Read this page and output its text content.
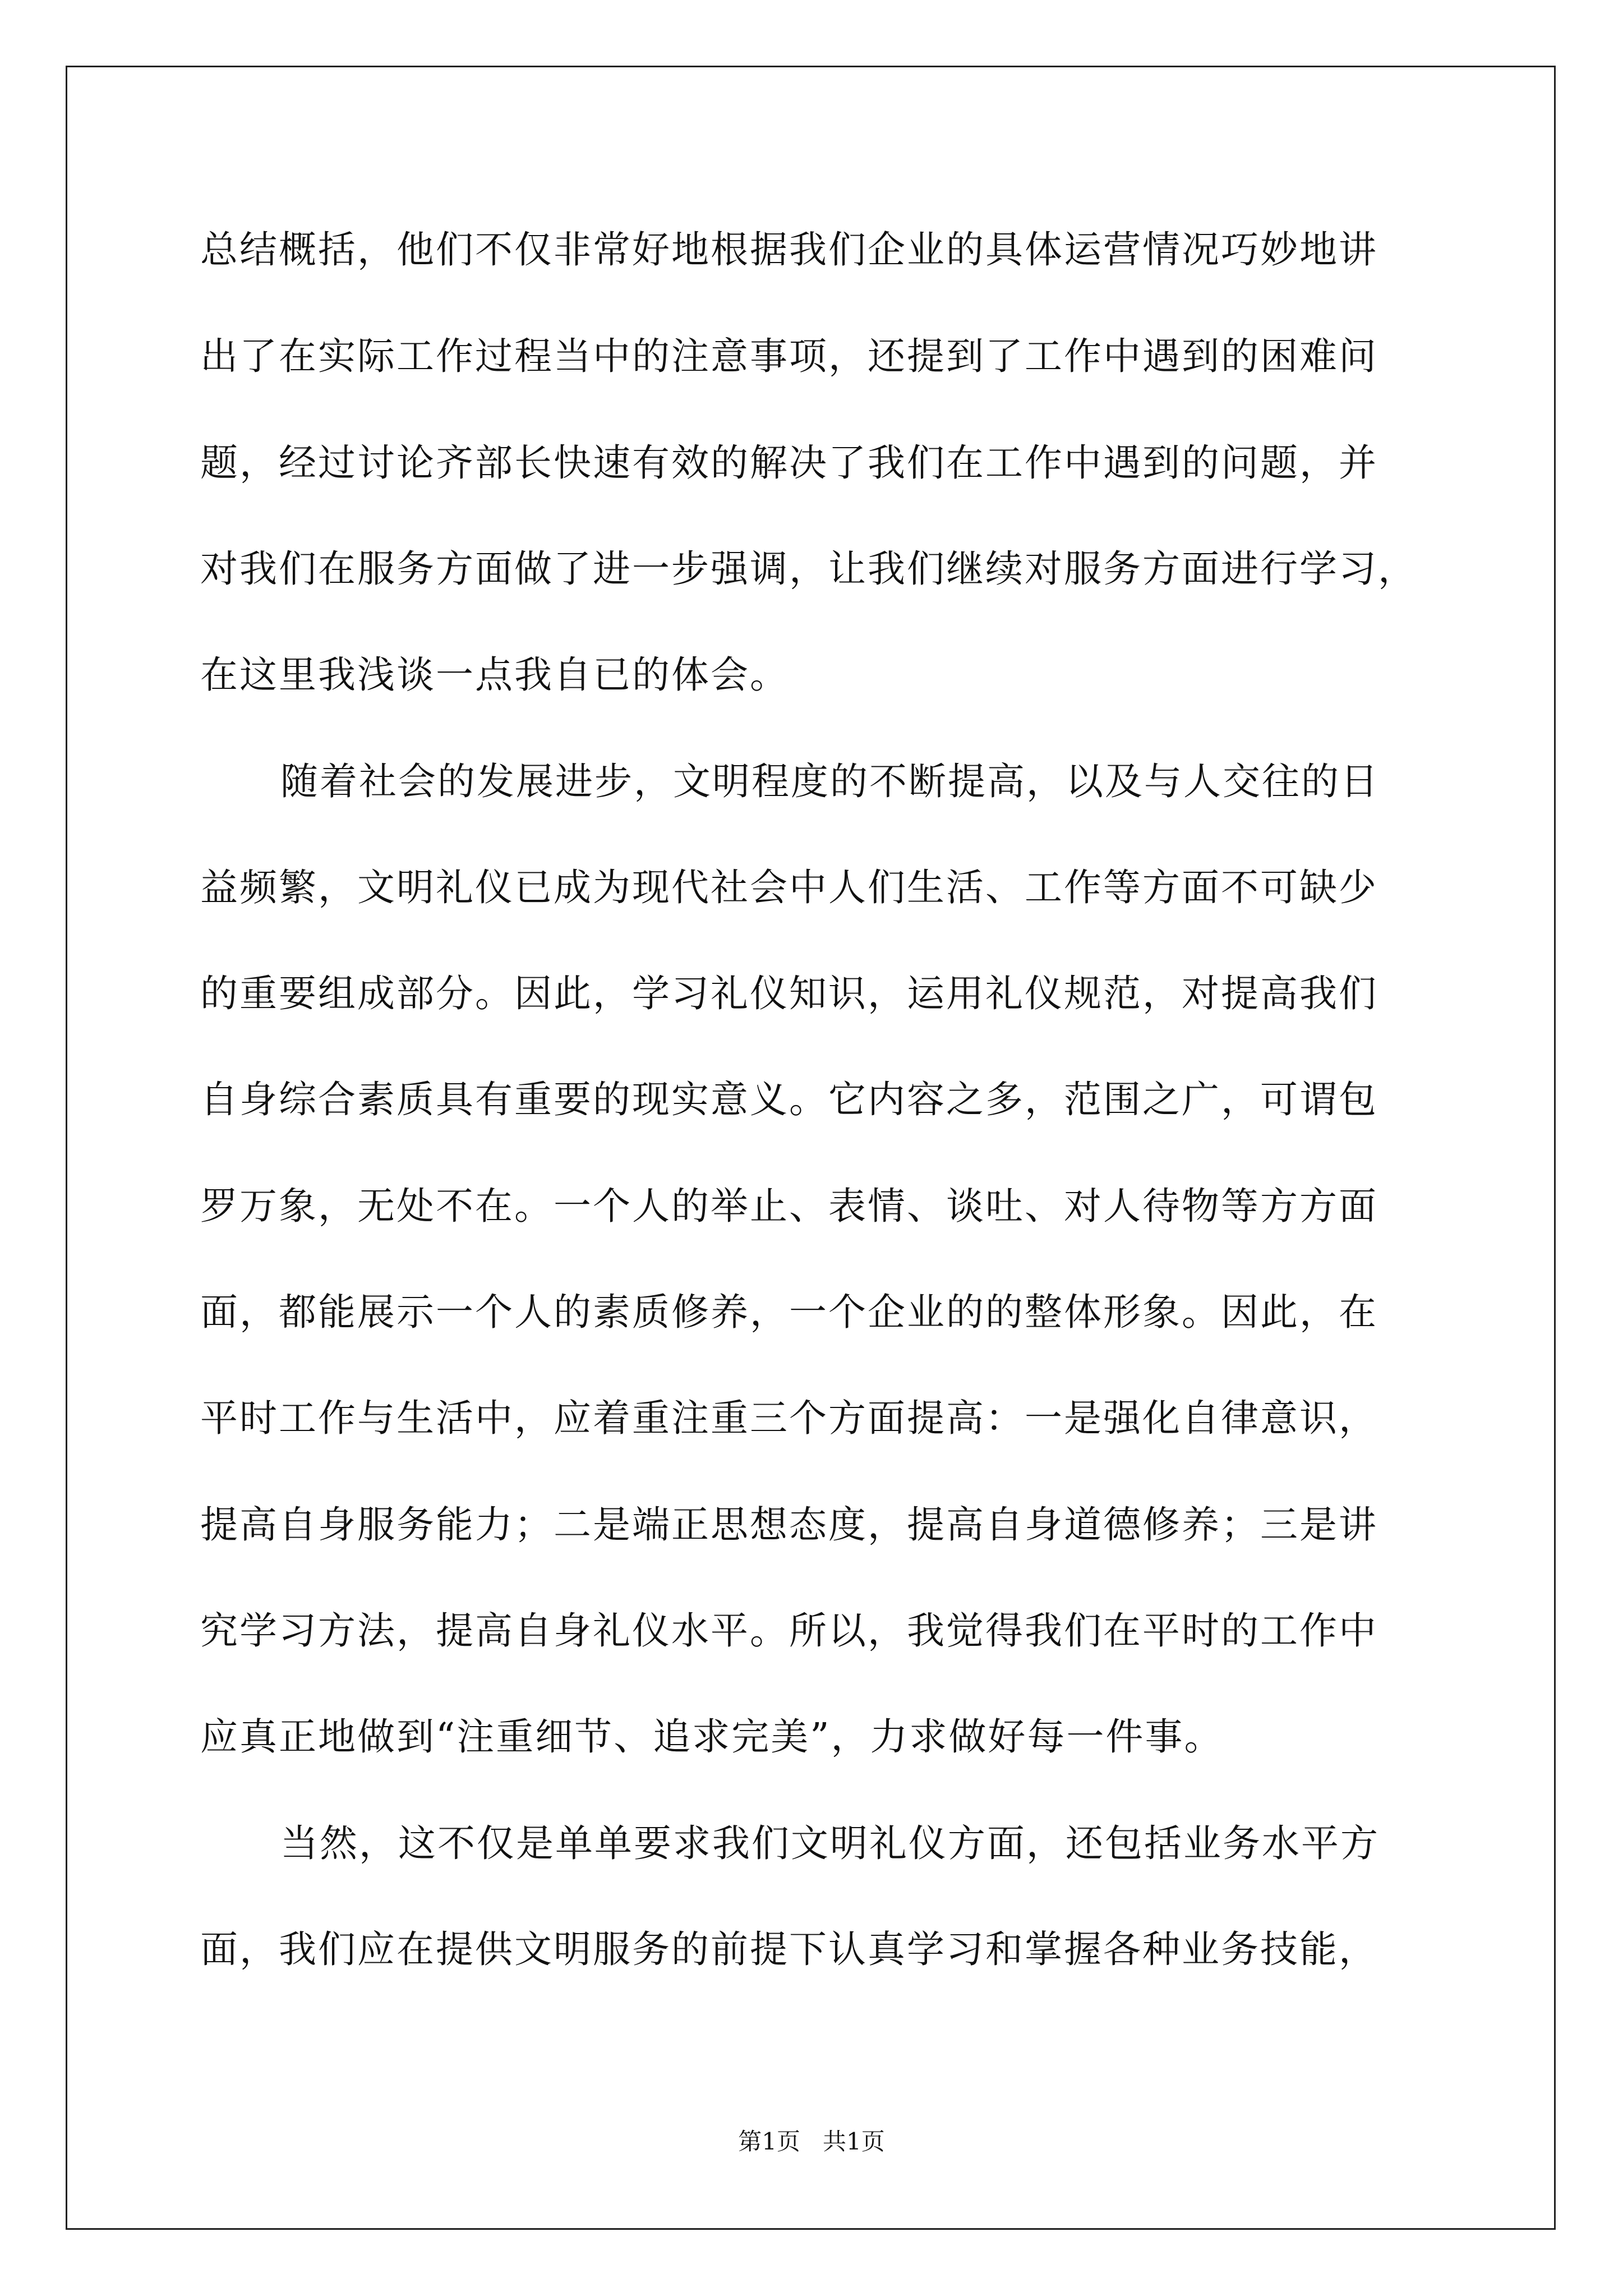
总结概括，他们不仅非常好地根据我们企业的具体运营情况巧妙地讲
出了在实际工作过程当中的注意事项，还提到了工作中遇到的困难问
题，经过讨论齐部长快速有效的解决了我们在工作中遇到的问题，并
对我们在服务方面做了进一步强调，让我们继续对服务方面进行学习，
在这里我浅谈一点我自已的体会。
随着社会的发展进步，文明程度的不断提高，以及与人交往的日
益频繁，文明礼仪已成为现代社会中人们生活、工作等方面不可缺少
的重要组成部分。因此，学习礼仪知识，运用礼仪规范，对提高我们
自身综合素质具有重要的现实意义。它内容之多，范围之广，可谓包
罗万象，无处不在。一个人的举止、表情、谈吐、对人待物等方方面
面，都能展示一个人的素质修养，一个企业的的整体形象。因此，在
平时工作与生活中，应着重注重三个方面提高：一是强化自律意识，
提高自身服务能力；二是端正思想态度，提高自身道德修养；三是讲
究学习方法，提高自身礼仪水平。所以，我觉得我们在平时的工作中
应真正地做到“注重细节、追求完美”，力求做好每一件事。
当然，这不仅是单单要求我们文明礼仪方面，还包括业务水平方
面，我们应在提供文明服务的前提下认真学习和掌握各种业务技能，
第1页   共1页
